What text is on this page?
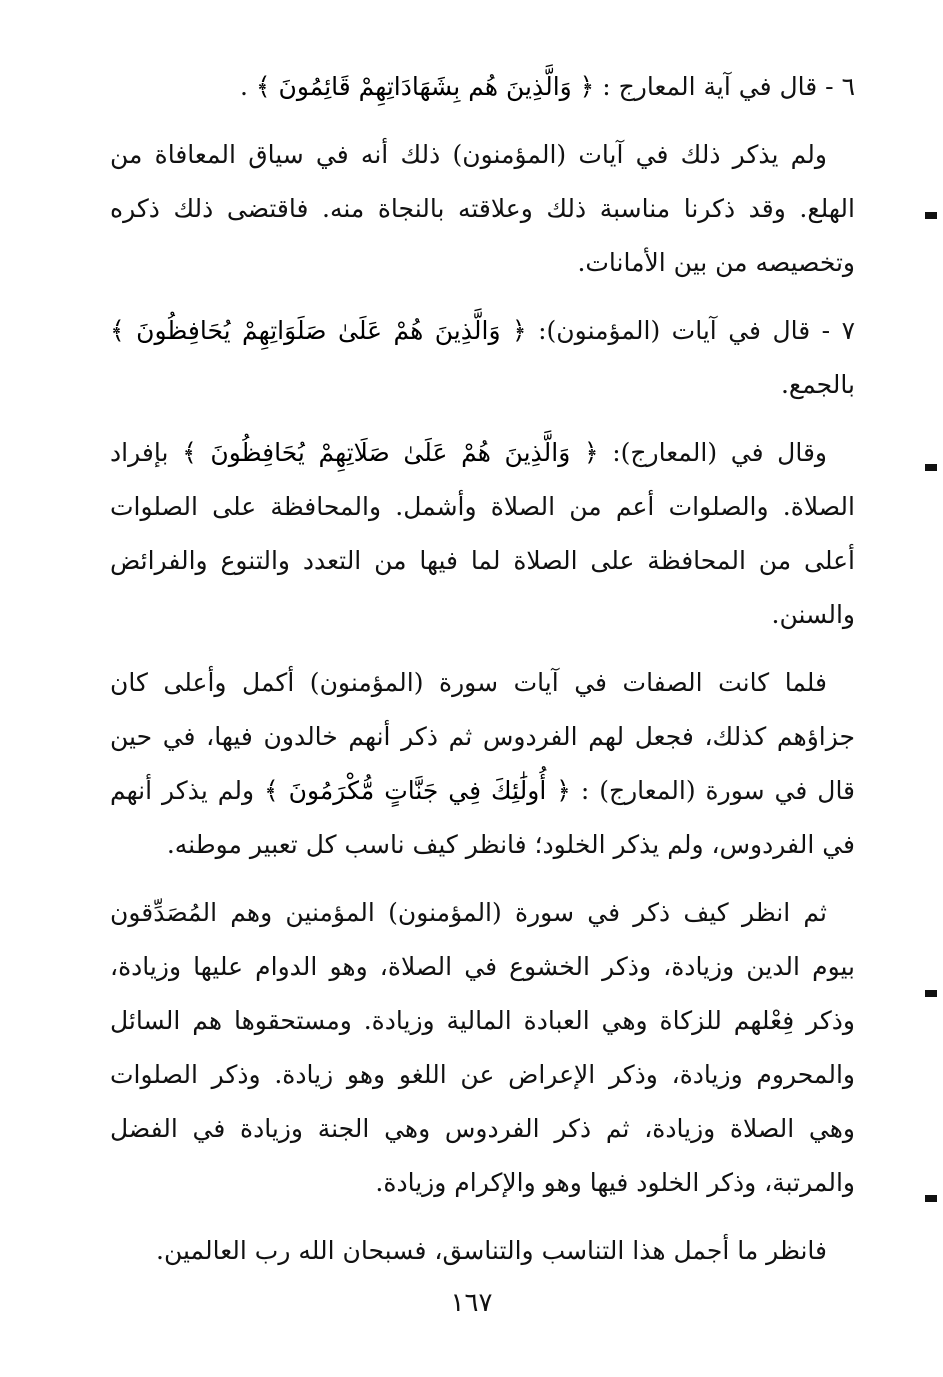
٦ - قال في آية المعارج : ﴿ وَالَّذِينَ هُم بِشَهَادَاتِهِمْ قَائِمُونَ ﴾ .

ولم يذكر ذلك في آيات (المؤمنون) ذلك أنه في سياق المعافاة من الهلع. وقد ذكرنا مناسبة ذلك وعلاقته بالنجاة منه. فاقتضى ذلك ذكره وتخصيصه من بين الأمانات.

٧ - قال في آيات (المؤمنون): ﴿ وَالَّذِينَ هُمْ عَلَىٰ صَلَوَاتِهِمْ يُحَافِظُونَ ﴾ بالجمع.

وقال في (المعارج): ﴿ وَالَّذِينَ هُمْ عَلَىٰ صَلَاتِهِمْ يُحَافِظُونَ ﴾ بإفراد الصلاة. والصلوات أعم من الصلاة وأشمل. والمحافظة على الصلوات أعلى من المحافظة على الصلاة لما فيها من التعدد والتنوع والفرائض والسنن.

فلما كانت الصفات في آيات سورة (المؤمنون) أكمل وأعلى كان جزاؤهم كذلك، فجعل لهم الفردوس ثم ذكر أنهم خالدون فيها، في حين قال في سورة (المعارج) : ﴿ أُولَٰئِكَ فِي جَنَّاتٍ مُّكْرَمُونَ ﴾ ولم يذكر أنهم في الفردوس، ولم يذكر الخلود؛ فانظر كيف ناسب كل تعبير موطنه.

ثم انظر كيف ذكر في سورة (المؤمنون) المؤمنين وهم المُصَدِّقون بيوم الدين وزيادة، وذكر الخشوع في الصلاة، وهو الدوام عليها وزيادة، وذكر فِعْلهم للزكاة وهي العبادة المالية وزيادة. ومستحقوها هم السائل والمحروم وزيادة، وذكر الإعراض عن اللغو وهو زيادة. وذكر الصلوات وهي الصلاة وزيادة، ثم ذكر الفردوس وهي الجنة وزيادة في الفضل والمرتبة، وذكر الخلود فيها وهو والإكرام وزيادة.

فانظر ما أجمل هذا التناسب والتناسق، فسبحان الله رب العالمين.

١٦٧
